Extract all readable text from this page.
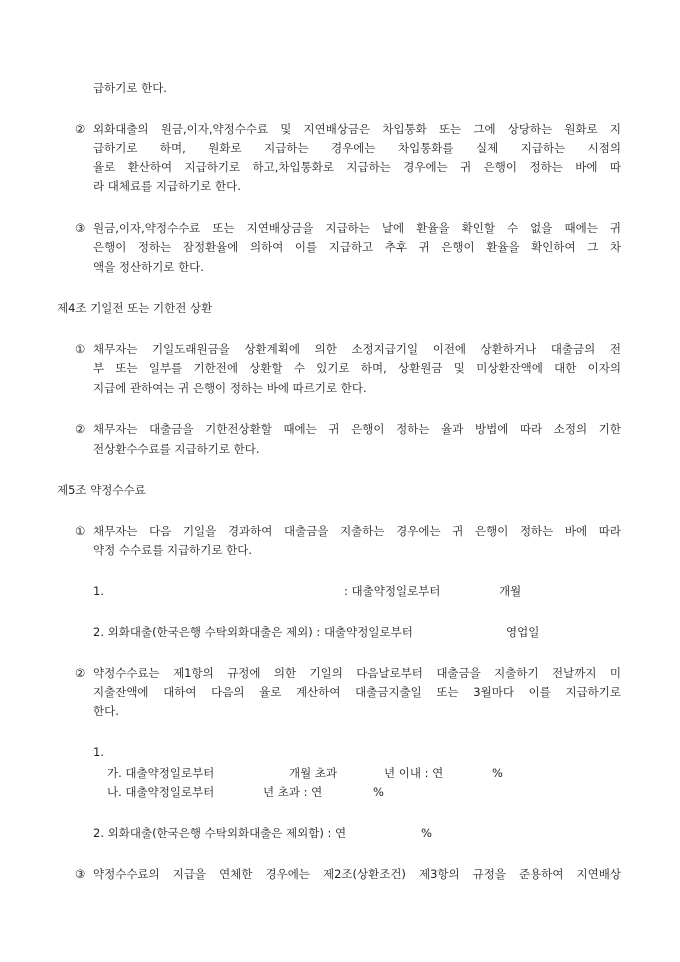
급하기로 한다.
② 외화대출의 원금,이자,약정수수료 및 지연배상금은 차입통화 또는 그에 상당하는 원화로 지
급하기로 하며, 원화로 지급하는 경우에는 차입통화를 실제 지급하는 시점의
율로 환산하여 지급하기로 하고,차입통화로 지급하는 경우에는 귀 은행이 정하는 바에 따
라 대체료를 지급하기로 한다.
③ 원금,이자,약정수수료 또는 지연배상금을 지급하는 날에 환율을 확인할 수 없을 때에는 귀
은행이 정하는 잠정환율에 의하여 이를 지급하고 추후 귀 은행이 환율을 확인하여 그 차
액을 정산하기로 한다.
제4조 기일전 또는 기한전 상환
① 채무자는 기일도래원금을 상환계획에 의한 소정지급기일 이전에 상환하거나 대출금의 전
부 또는 일부를 기한전에 상환할 수 있기로 하며, 상환원금 및 미상환잔액에 대한 이자의
지급에 관하여는 귀 은행이 정하는 바에 따르기로 한다.
② 채무자는 대출금을 기한전상환할 때에는 귀 은행이 정하는 율과 방법에 따라 소정의 기한
전상환수수료를 지급하기로 한다.
제5조 약정수수료
① 채무자는 다음 기일을 경과하여 대출금을 지출하는 경우에는 귀 은행이 정하는 바에 따라
약정 수수료를 지급하기로 한다.
1.	: 대출약정일로부터	개월
2. 외화대출(한국은행 수탁외화대출은 제외) : 대출약정일로부터	영업일
② 약정수수료는 제1항의 규정에 의한 기일의 다음날로부터 대출금을 지출하기 전날까지 미
지출잔액에 대하여 다음의 율로 계산하여 대출금지출일 또는 3월마다 이를 지급하기로
한다.
1.
가. 대출약정일로부터	개월 초과	년 이내 : 연	%
나. 대출약정일로부터	년 초과 : 연	%
2. 외화대출(한국은행 수탁외화대출은 제외함) : 연	%
③ 약정수수료의 지급을 연체한 경우에는 제2조(상환조건) 제3항의 규정을 준용하여 지연배상
